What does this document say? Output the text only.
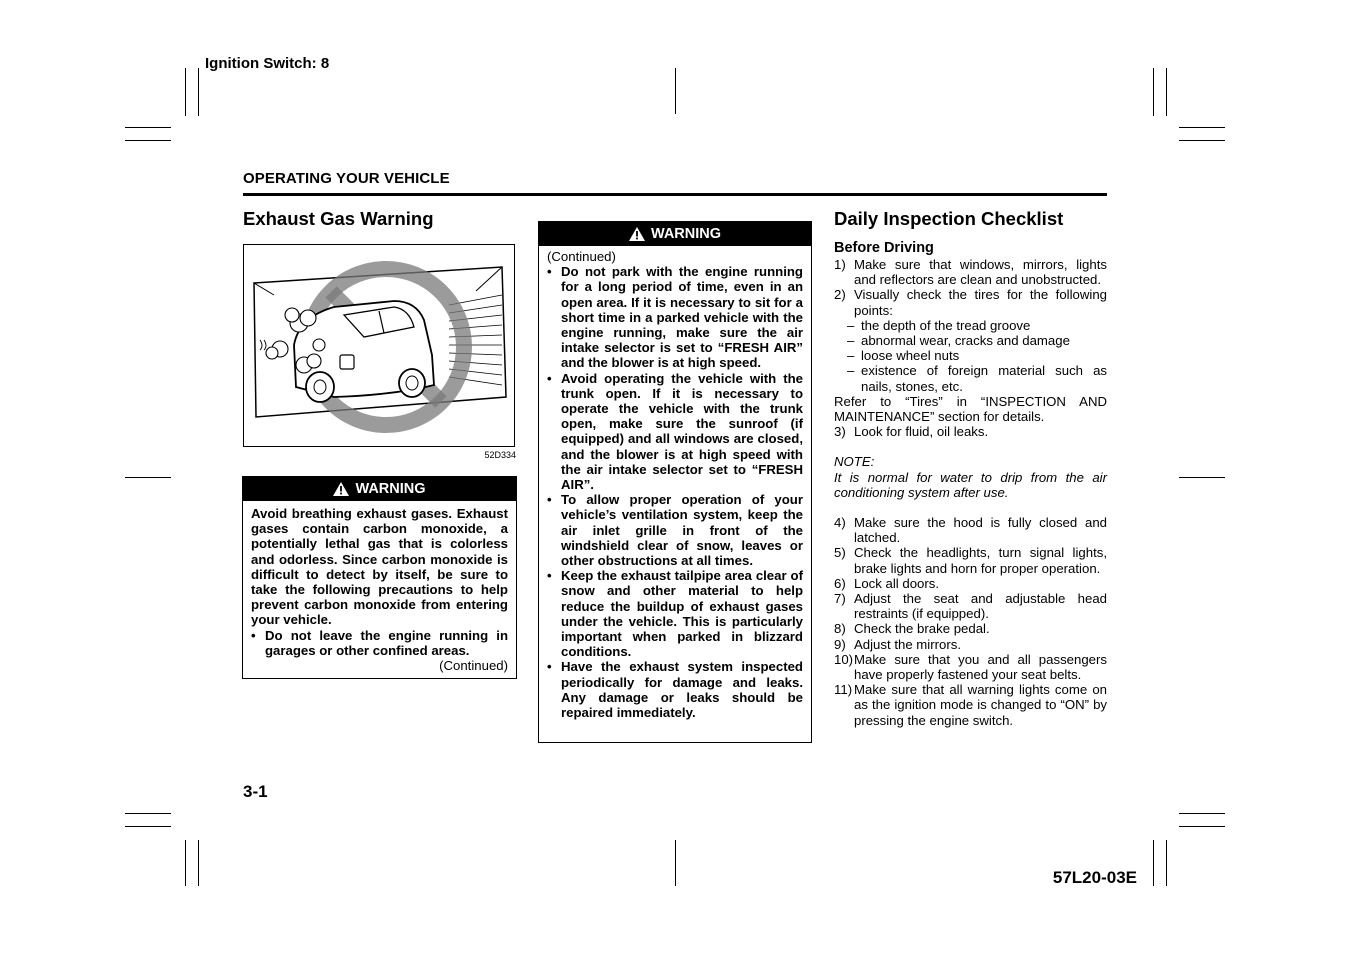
Ignition Switch: 8
OPERATING YOUR VEHICLE
Exhaust Gas Warning
52D334
WARNING
Avoid breathing exhaust gases. Exhaust gases contain carbon monoxide, a potentially lethal gas that is colorless and odorless. Since carbon monoxide is difficult to detect by itself, be sure to take the following precautions to help prevent carbon monoxide from entering your vehicle.
• Do not leave the engine running in garages or other confined areas.
(Continued)
WARNING
(Continued)
• Do not park with the engine running for a long period of time, even in an open area. If it is necessary to sit for a short time in a parked vehicle with the engine running, make sure the air intake selector is set to “FRESH AIR” and the blower is at high speed.
• Avoid operating the vehicle with the trunk open. If it is necessary to operate the vehicle with the trunk open, make sure the sunroof (if equipped) and all windows are closed, and the blower is at high speed with the air intake selector set to “FRESH AIR”.
• To allow proper operation of your vehicle’s ventilation system, keep the air inlet grille in front of the windshield clear of snow, leaves or other obstructions at all times.
• Keep the exhaust tailpipe area clear of snow and other material to help reduce the buildup of exhaust gases under the vehicle. This is particularly important when parked in blizzard conditions.
• Have the exhaust system inspected periodically for damage and leaks. Any damage or leaks should be repaired immediately.
Daily Inspection Checklist
Before Driving
1) Make sure that windows, mirrors, lights and reflectors are clean and unobstructed.
2) Visually check the tires for the following points:
– the depth of the tread groove
– abnormal wear, cracks and damage
– loose wheel nuts
– existence of foreign material such as nails, stones, etc.
Refer to “Tires” in “INSPECTION AND MAINTENANCE” section for details.
3) Look for fluid, oil leaks.
NOTE:
It is normal for water to drip from the air conditioning system after use.
4) Make sure the hood is fully closed and latched.
5) Check the headlights, turn signal lights, brake lights and horn for proper operation.
6) Lock all doors.
7) Adjust the seat and adjustable head restraints (if equipped).
8) Check the brake pedal.
9) Adjust the mirrors.
10) Make sure that you and all passengers have properly fastened your seat belts.
11) Make sure that all warning lights come on as the ignition mode is changed to “ON” by pressing the engine switch.
3-1
57L20-03E
